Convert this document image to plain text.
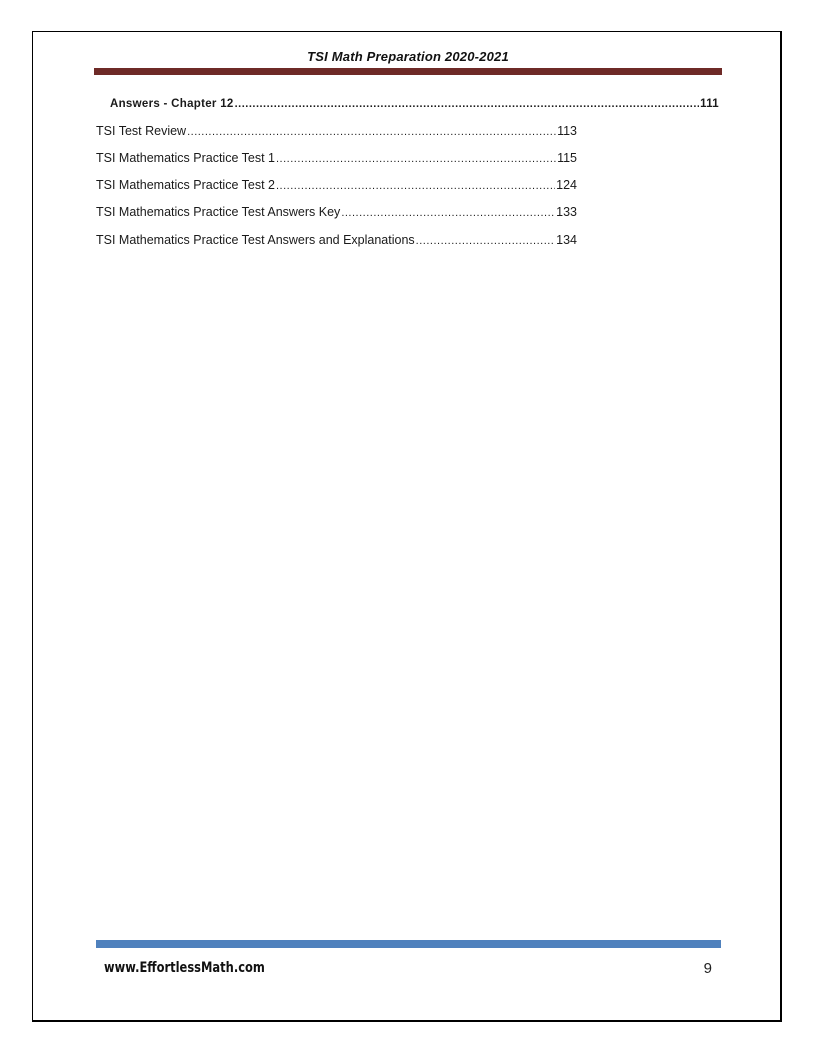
TSI Math Preparation 2020-2021
Answers - Chapter 12 .....	111
TSI Test Review .....	113
TSI Mathematics Practice Test 1 .....	115
TSI Mathematics Practice Test 2 .....	124
TSI Mathematics Practice Test Answers Key .....	133
TSI Mathematics Practice Test Answers and Explanations .....	134
www.EffortlessMath.com	9
